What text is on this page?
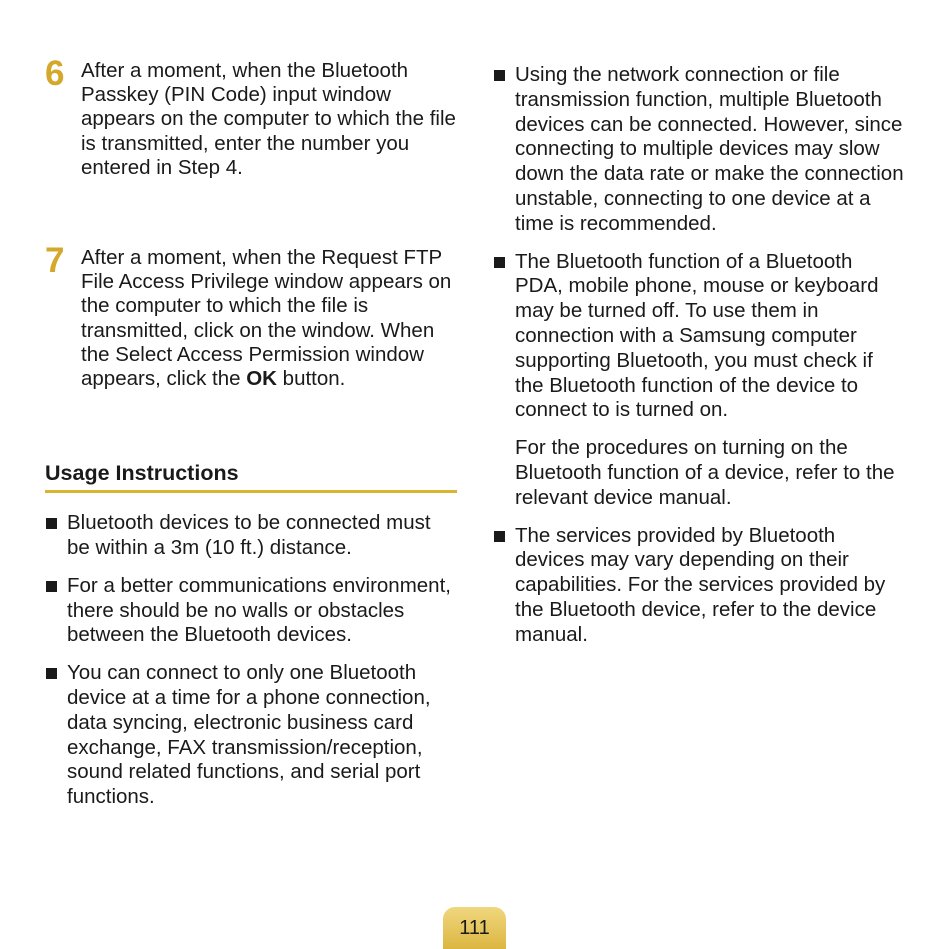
6 After a moment, when the Bluetooth Passkey (PIN Code) input window appears on the computer to which the file is transmitted, enter the number you entered in Step 4.
7 After a moment, when the Request FTP File Access Privilege window appears on the computer to which the file is transmitted, click on the window. When the Select Access Permission window appears, click the OK button.
Usage Instructions
Bluetooth devices to be connected must be within a 3m (10 ft.) distance.
For a better communications environment, there should be no walls or obstacles between the Bluetooth devices.
You can connect to only one Bluetooth device at a time for a phone connection, data syncing, electronic business card exchange, FAX transmission/reception, sound related functions, and serial port functions.
Using the network connection or file transmission function, multiple Bluetooth devices can be connected. However, since connecting to multiple devices may slow down the data rate or make the connection unstable, connecting to one device at a time is recommended.
The Bluetooth function of a Bluetooth PDA, mobile phone, mouse or keyboard may be turned off. To use them in connection with a Samsung computer supporting Bluetooth, you must check if the Bluetooth function of the device to connect to is turned on.
For the procedures on turning on the Bluetooth function of a device, refer to the relevant device manual.
The services provided by Bluetooth devices may vary depending on their capabilities. For the services provided by the Bluetooth device, refer to the device manual.
111
